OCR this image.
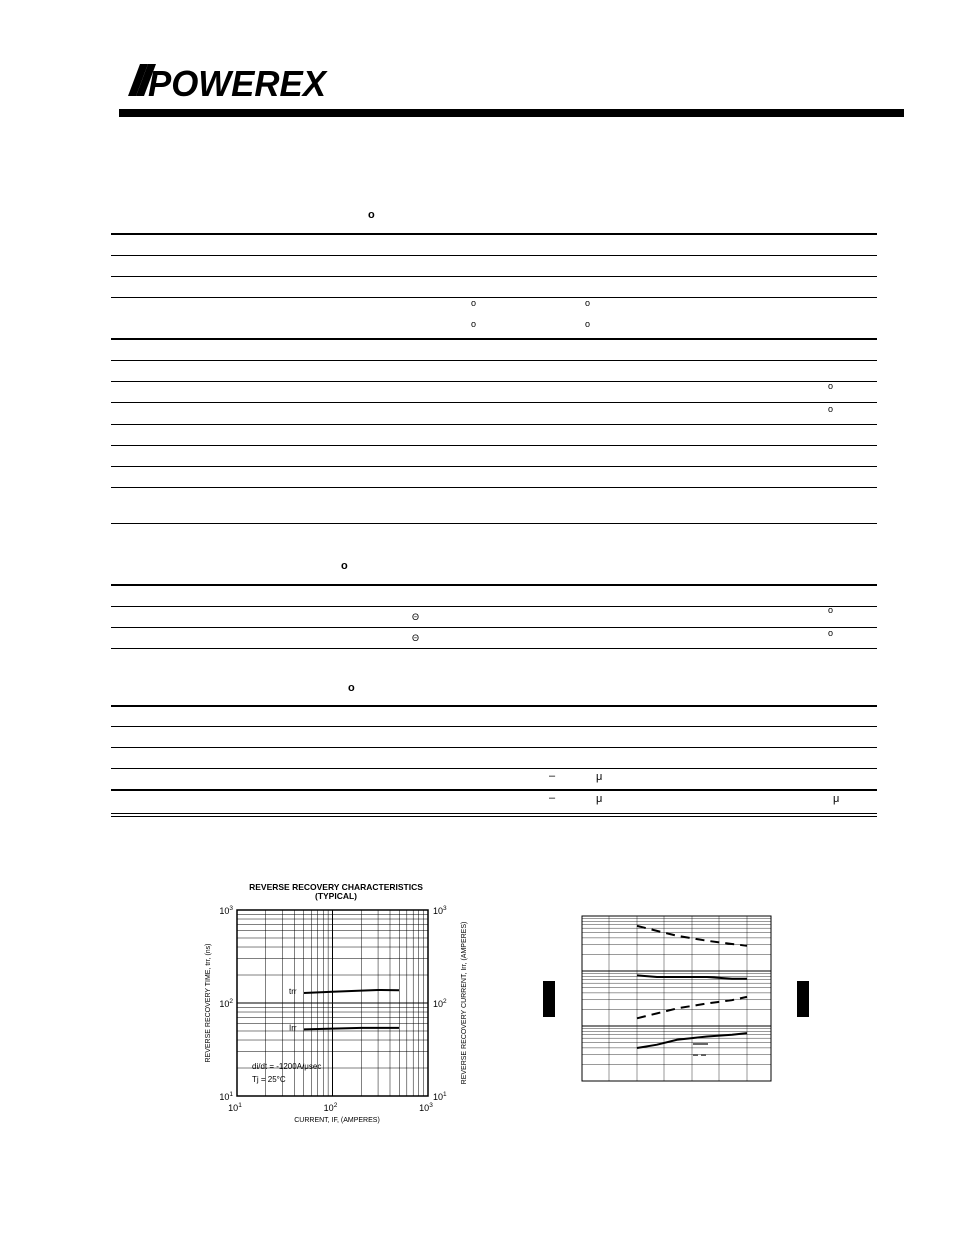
POWEREX
o
o	o
o	o
o
o
o
Θ
o
Θ	o
o
–	μ
–	μ	μ
REVERSE RECOVERY CHARACTERISTICS
(TYPICAL)
$10^1$	$10^2$	$10^3$
$10^1$	$10^1$
$10^2$	$10^2$
$10^3$	$10^3$
trr
Irr
di/dt = -1200A/μsec
Tj = 25°C
CURRENT, IF, (AMPERES)
REVERSE RECOVERY TIME, trr, (ns)	REVERSE RECOVERY CURRENT, Irr, (AMPERES)
